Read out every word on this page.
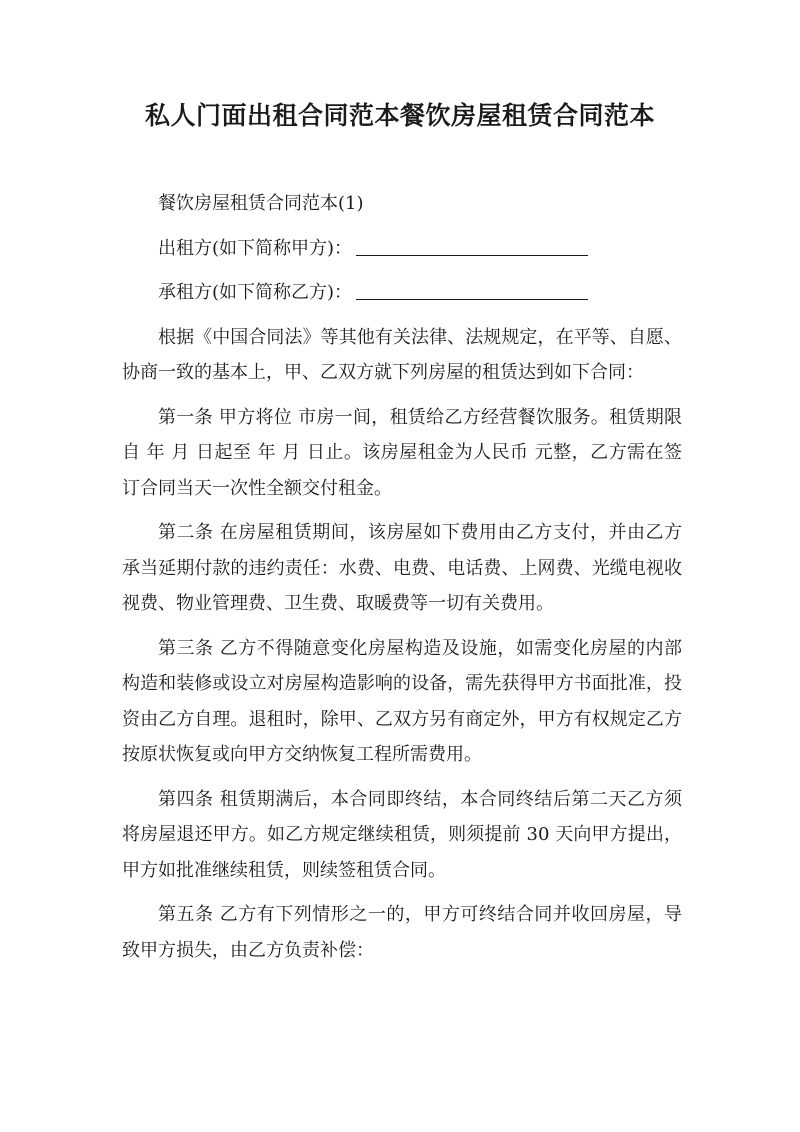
私人门面出租合同范本餐饮房屋租赁合同范本

餐饮房屋租赁合同范本(1)

出租方(如下简称甲方)：

承租方(如下简称乙方)：

根据《中国合同法》等其他有关法律、法规规定，在平等、自愿、协商一致的基本上，甲、乙双方就下列房屋的租赁达到如下合同：

第一条 甲方将位 市房一间，租赁给乙方经营餐饮服务。租赁期限自 年 月 日起至 年 月 日止。该房屋租金为人民币 元整，乙方需在签订合同当天一次性全额交付租金。

第二条 在房屋租赁期间，该房屋如下费用由乙方支付，并由乙方承当延期付款的违约责任：水费、电费、电话费、上网费、光缆电视收视费、物业管理费、卫生费、取暖费等一切有关费用。

第三条 乙方不得随意变化房屋构造及设施，如需变化房屋的内部构造和装修或设立对房屋构造影响的设备，需先获得甲方书面批准，投资由乙方自理。退租时，除甲、乙双方另有商定外，甲方有权规定乙方按原状恢复或向甲方交纳恢复工程所需费用。

第四条 租赁期满后，本合同即终结，本合同终结后第二天乙方须将房屋退还甲方。如乙方规定继续租赁，则须提前 30 天向甲方提出，甲方如批准继续租赁，则续签租赁合同。

第五条 乙方有下列情形之一的，甲方可终结合同并收回房屋，导致甲方损失，由乙方负责补偿：
